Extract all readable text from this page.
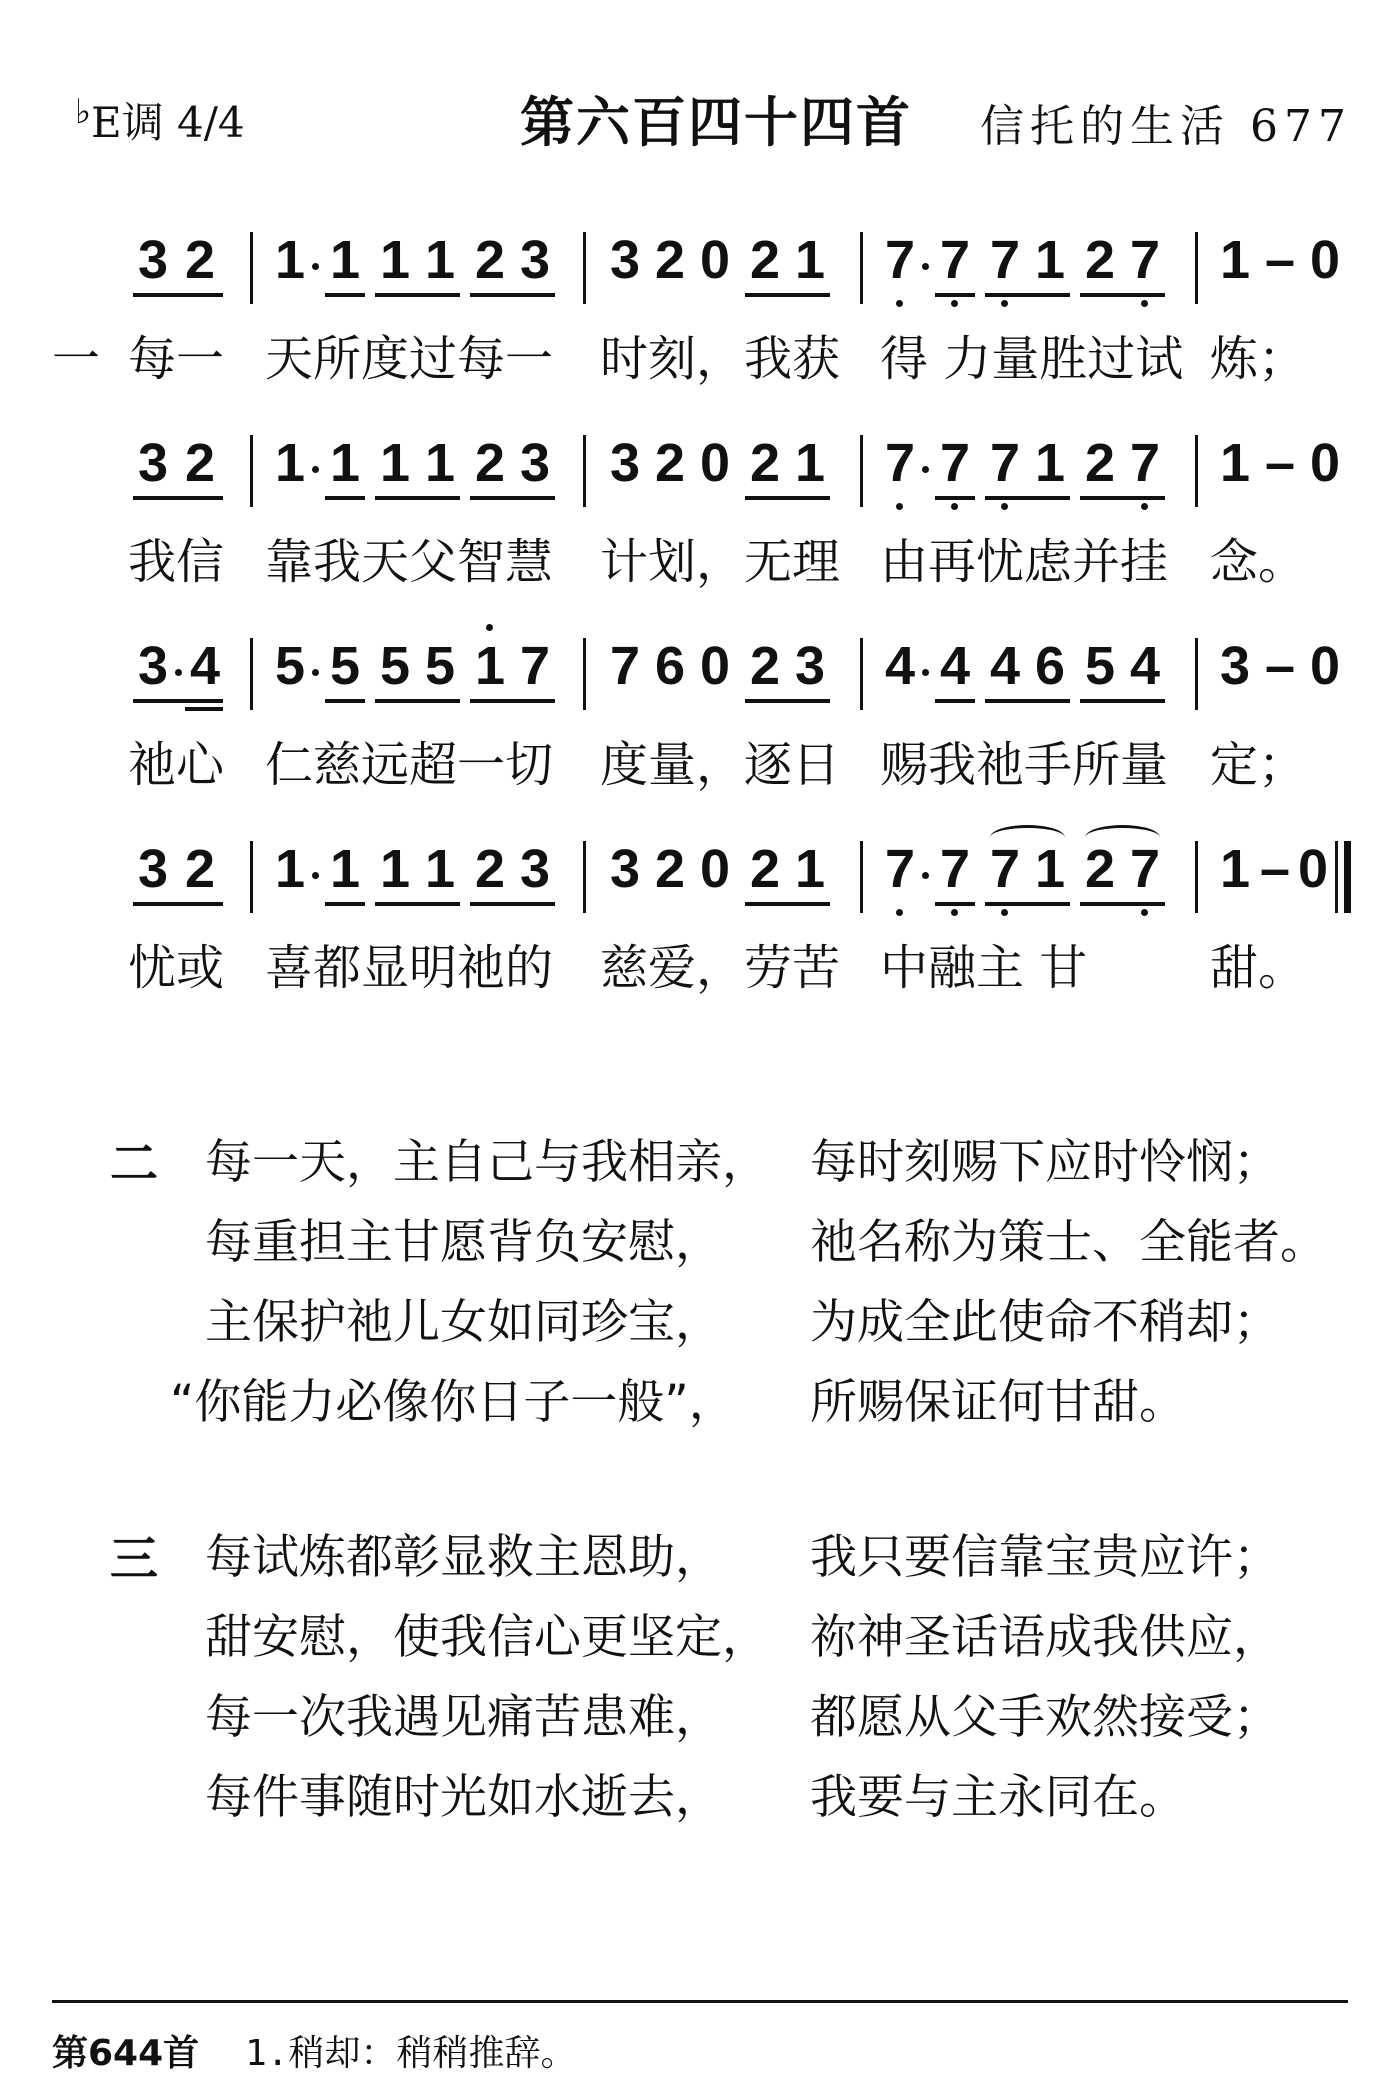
♭E调 4/4	第六百四十四首 信托的生活 677
3 2 1 1 1 1 2 3 3 2 0 2 1 7 7 7 1 2 7 1 – 0
一 每一 天所度过每一 时刻，我获 得 力量胜过试 炼；
3 2 1 1 1 1 2 3 3 2 0 2 1 7 7 7 1 2 7 1 – 0
我信 靠我天父智慧 计划，无理 由再忧虑并挂 念。
3 4 5 5 5 5 1 7 7 6 0 2 3 4 4 4 6 5 4 3 – 0
祂心 仁慈远超一切 度量，逐日 赐我祂手所量 定；
3 2 1 1 1 1 2 3 3 2 0 2 1 7 7 7 1 2 7 1 – 0
忧或 喜都显明祂的 慈爱，劳苦 中融主 甘	甜。
二 每一天，主自己与我相亲， 每时刻赐下应时怜悯；
每重担主甘愿背负安慰， 祂名称为策士、全能者。
主保护祂儿女如同珍宝， 为成全此使命不稍却；
“你能力必像你日子一般”， 所赐保证何甘甜。
三 每试炼都彰显救主恩助， 我只要信靠宝贵应许；
甜安慰，使我信心更坚定， 祢神圣话语成我供应，
每一次我遇见痛苦患难， 都愿从父手欢然接受；
每件事随时光如水逝去， 我要与主永同在。
第644首 1.稍却：稍稍推辞。
